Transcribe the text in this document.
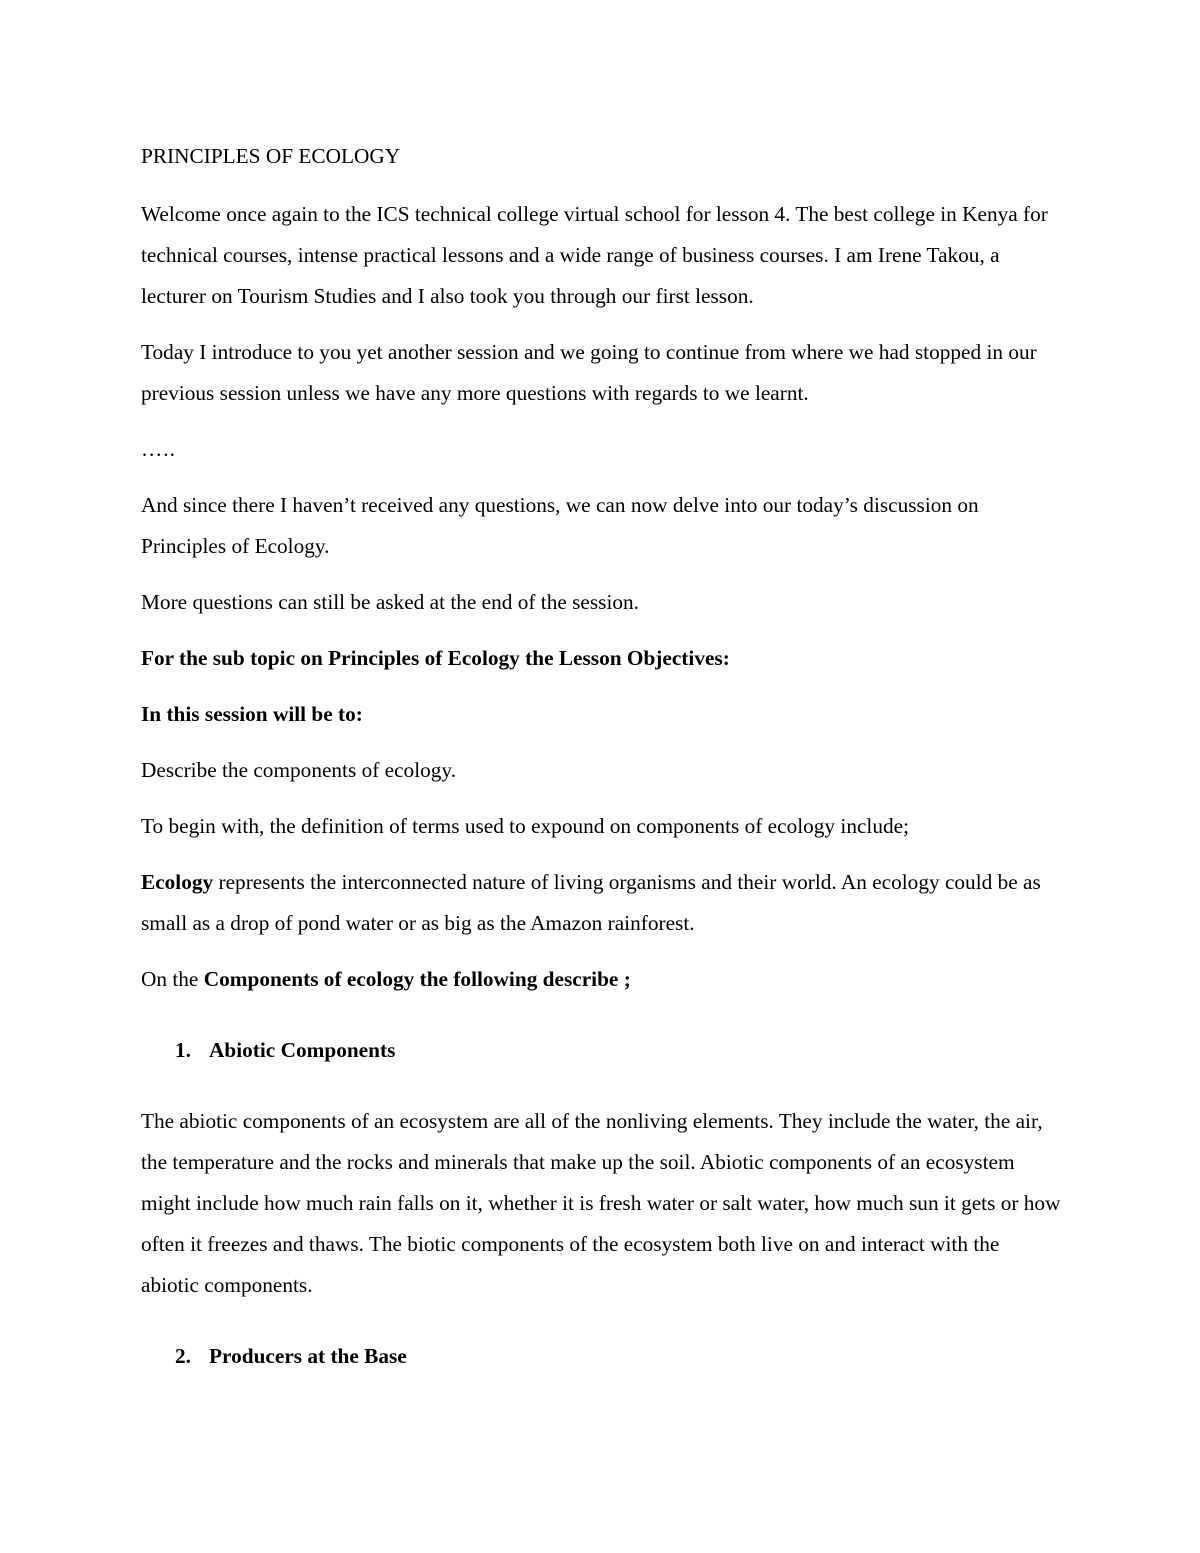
PRINCIPLES OF ECOLOGY

Welcome once again to the ICS technical college virtual school for lesson 4. The best college in Kenya for technical courses, intense practical lessons and a wide range of business courses. I am Irene Takou, a lecturer on Tourism Studies and I also took you through our first lesson.

Today I introduce to you yet another session and we going to continue from where we had stopped in our previous session unless we have any more questions with regards to we learnt.

…..

And since there I haven’t received any questions, we can now delve into our today’s discussion on Principles of Ecology.

More questions can still be asked at the end of the session.

For the sub topic on Principles of Ecology the Lesson Objectives:

In this session will be to:

Describe the components of ecology.

To begin with, the definition of terms used to expound on components of ecology include;

Ecology represents the interconnected nature of living organisms and their world. An ecology could be as small as a drop of pond water or as big as the Amazon rainforest.

On the Components of ecology the following describe ;

1. Abiotic Components

The abiotic components of an ecosystem are all of the nonliving elements. They include the water, the air, the temperature and the rocks and minerals that make up the soil. Abiotic components of an ecosystem might include how much rain falls on it, whether it is fresh water or salt water, how much sun it gets or how often it freezes and thaws. The biotic components of the ecosystem both live on and interact with the abiotic components.

2. Producers at the Base
